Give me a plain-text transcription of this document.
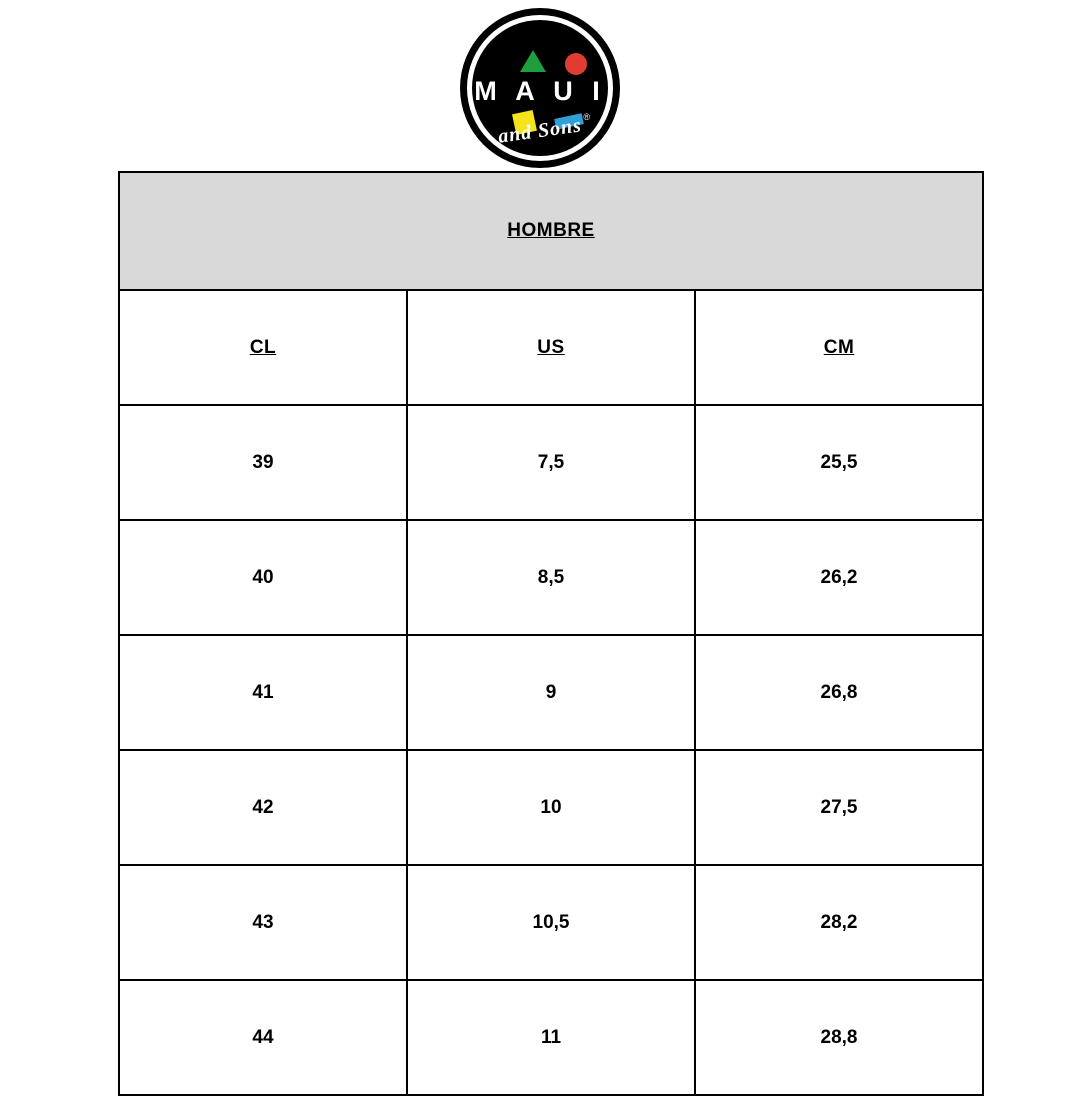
M A U I
and Sons ®
HOMBRE		
CL	US	CM
39	7,5	25,5
40	8,5	26,2
41	9	26,8
42	10	27,5
43	10,5	28,2
44	11	28,8
